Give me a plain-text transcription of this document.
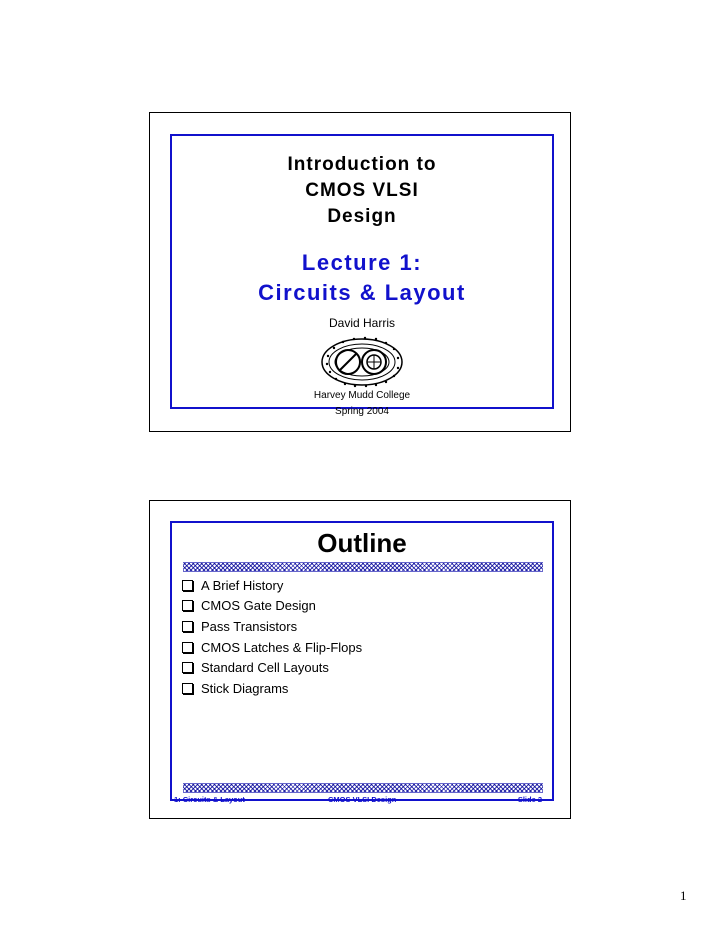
Introduction to
CMOS VLSI
Design
Lecture 1:
Circuits & Layout
David Harris
Harvey Mudd College
Spring 2004
Outline
A Brief History
CMOS Gate Design
Pass Transistors
CMOS Latches & Flip-Flops
Standard Cell Layouts
Stick Diagrams
1: Circuits & Layout	CMOS VLSI Design	Slide 2
1
